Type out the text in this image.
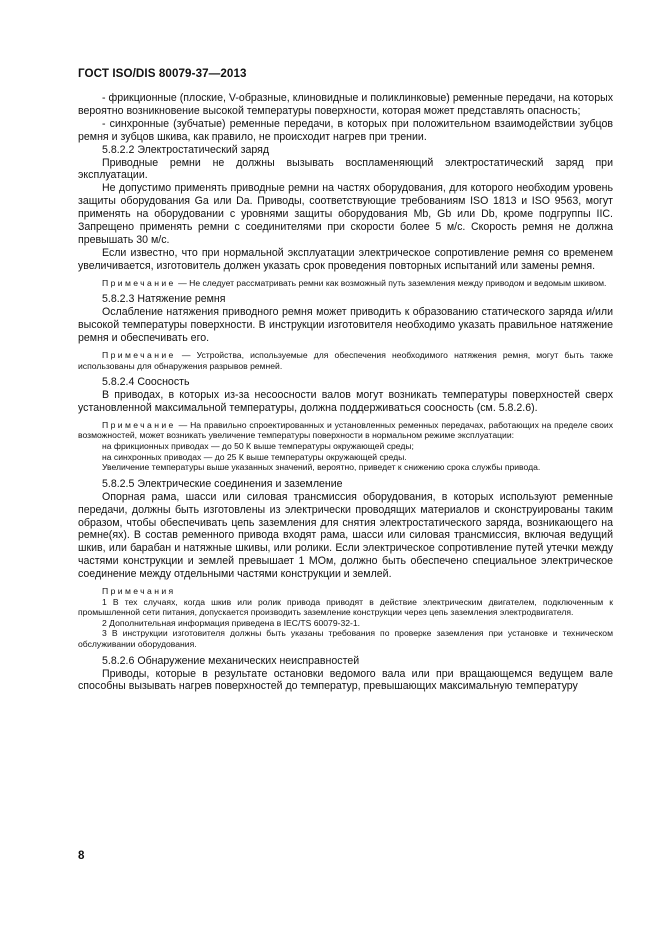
ГОСТ ISO/DIS 80079-37—2013

- фрикционные (плоские, V-образные, клиновидные и поликлинковые) ременные передачи, на которых вероятно возникновение высокой температуры поверхности, которая может представлять опасность;

- синхронные (зубчатые) ременные передачи, в которых при положительном взаимодействии зубцов ремня и зубцов шкива, как правило, не происходит нагрев при трении.

5.8.2.2 Электростатический заряд

Приводные ремни не должны вызывать воспламеняющий электростатический заряд при эксплуатации.

Не допустимо применять приводные ремни на частях оборудования, для которого необходим уровень защиты оборудования Ga или Da. Приводы, соответствующие требованиям ISO 1813 и ISO 9563, могут применять на оборудовании с уровнями защиты оборудования Mb, Gb или Db, кроме подгруппы IIC. Запрещено применять ремни с соединителями при скорости более 5 м/с. Скорость ремня не должна превышать 30 м/с.

Если известно, что при нормальной эксплуатации электрическое сопротивление ремня со временем увеличивается, изготовитель должен указать срок проведения повторных испытаний или замены ремня.

Примечание — Не следует рассматривать ремни как возможный путь заземления между приводом и ведомым шкивом.

5.8.2.3 Натяжение ремня

Ослабление натяжения приводного ремня может приводить к образованию статического заряда и/или высокой температуры поверхности. В инструкции изготовителя необходимо указать правильное натяжение ремня и обеспечивать его.

Примечание — Устройства, используемые для обеспечения необходимого натяжения ремня, могут быть также использованы для обнаружения разрывов ремней.

5.8.2.4 Соосность

В приводах, в которых из-за несоосности валов могут возникать температуры поверхностей сверх установленной максимальной температуры, должна поддерживаться соосность (см. 5.8.2.6).

Примечание — На правильно спроектированных и установленных ременных передачах, работающих на пределе своих возможностей, может возникать увеличение температуры поверхности в нормальном режиме эксплуатации:

на фрикционных приводах — до 50 К выше температуры окружающей среды;

на синхронных приводах — до 25 К выше температуры окружающей среды.

Увеличение температуры выше указанных значений, вероятно, приведет к снижению срока службы привода.

5.8.2.5 Электрические соединения и заземление

Опорная рама, шасси или силовая трансмиссия оборудования, в которых используют ременные передачи, должны быть изготовлены из электрически проводящих материалов и сконструированы таким образом, чтобы обеспечивать цепь заземления для снятия электростатического заряда, возникающего на ремне(ях). В состав ременного привода входят рама, шасси или силовая трансмиссия, включая ведущий шкив, или барабан и натяжные шкивы, или ролики. Если электрическое сопротивление путей утечки между частями конструкции и землей превышает 1 МОм, должно быть обеспечено специальное электрическое соединение между отдельными частями конструкции и землей.

Примечания

1 В тех случаях, когда шкив или ролик привода приводят в действие электрическим двигателем, подключенным к промышленной сети питания, допускается производить заземление конструкции через цепь заземления электродвигателя.

2 Дополнительная информация приведена в IEC/TS 60079-32-1.

3 В инструкции изготовителя должны быть указаны требования по проверке заземления при установке и техническом обслуживании оборудования.

5.8.2.6 Обнаружение механических неисправностей

Приводы, которые в результате остановки ведомого вала или при вращающемся ведущем вале способны вызывать нагрев поверхностей до температур, превышающих максимальную температуру

8
